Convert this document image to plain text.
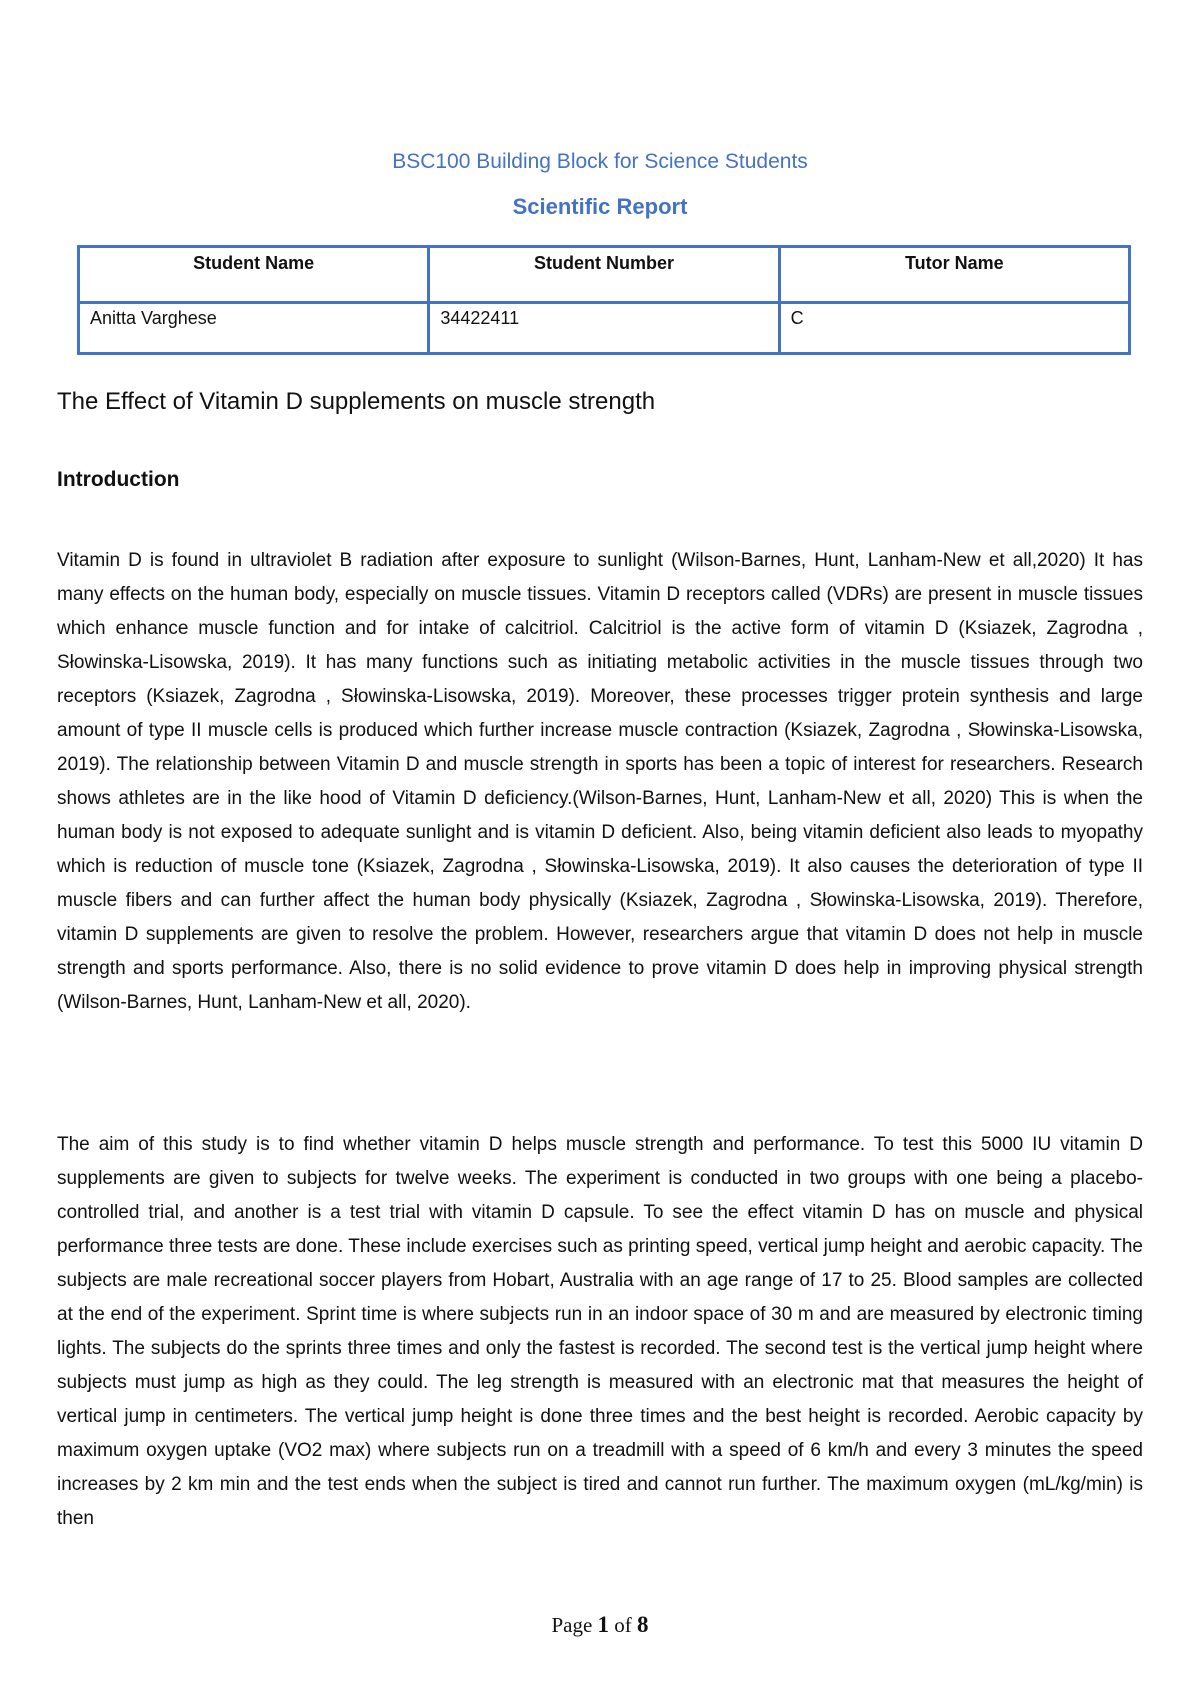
BSC100 Building Block for Science Students
Scientific Report
Student Name	Student Number	Tutor Name
Anitta Varghese	34422411	C
The Effect of Vitamin D supplements on muscle strength
Introduction

Vitamin D is found in ultraviolet B radiation after exposure to sunlight (Wilson-Barnes, Hunt, Lanham-New et all,2020) It has many effects on the human body, especially on muscle tissues. Vitamin D receptors called (VDRs) are present in muscle tissues which enhance muscle function and for intake of calcitriol. Calcitriol is the active form of vitamin D (Ksiazek, Zagrodna , Słowinska-Lisowska, 2019). It has many functions such as initiating metabolic activities in the muscle tissues through two receptors (Ksiazek, Zagrodna , Słowinska-Lisowska, 2019). Moreover, these processes trigger protein synthesis and large amount of type II muscle cells is produced which further increase muscle contraction (Ksiazek, Zagrodna , Słowinska-Lisowska, 2019). The relationship between Vitamin D and muscle strength in sports has been a topic of interest for researchers. Research shows athletes are in the like hood of Vitamin D deficiency.(Wilson-Barnes, Hunt, Lanham-New et all, 2020) This is when the human body is not exposed to adequate sunlight and is vitamin D deficient. Also, being vitamin deficient also leads to myopathy which is reduction of muscle tone (Ksiazek, Zagrodna , Słowinska-Lisowska, 2019). It also causes the deterioration of type II muscle fibers and can further affect the human body physically (Ksiazek, Zagrodna , Słowinska-Lisowska, 2019). Therefore, vitamin D supplements are given to resolve the problem. However, researchers argue that vitamin D does not help in muscle strength and sports performance. Also, there is no solid evidence to prove vitamin D does help in improving physical strength (Wilson-Barnes, Hunt, Lanham-New et all, 2020).

The aim of this study is to find whether vitamin D helps muscle strength and performance. To test this 5000 IU vitamin D supplements are given to subjects for twelve weeks. The experiment is conducted in two groups with one being a placebo-controlled trial, and another is a test trial with vitamin D capsule. To see the effect vitamin D has on muscle and physical performance three tests are done. These include exercises such as printing speed, vertical jump height and aerobic capacity. The subjects are male recreational soccer players from Hobart, Australia with an age range of 17 to 25. Blood samples are collected at the end of the experiment. Sprint time is where subjects run in an indoor space of 30 m and are measured by electronic timing lights. The subjects do the sprints three times and only the fastest is recorded. The second test is the vertical jump height where subjects must jump as high as they could. The leg strength is measured with an electronic mat that measures the height of vertical jump in centimeters. The vertical jump height is done three times and the best height is recorded. Aerobic capacity by maximum oxygen uptake (VO2 max) where subjects run on a treadmill with a speed of 6 km/h and every 3 minutes the speed increases by 2 km min and the test ends when the subject is tired and cannot run further. The maximum oxygen (mL/kg/min) is then

Page 1 of 8
